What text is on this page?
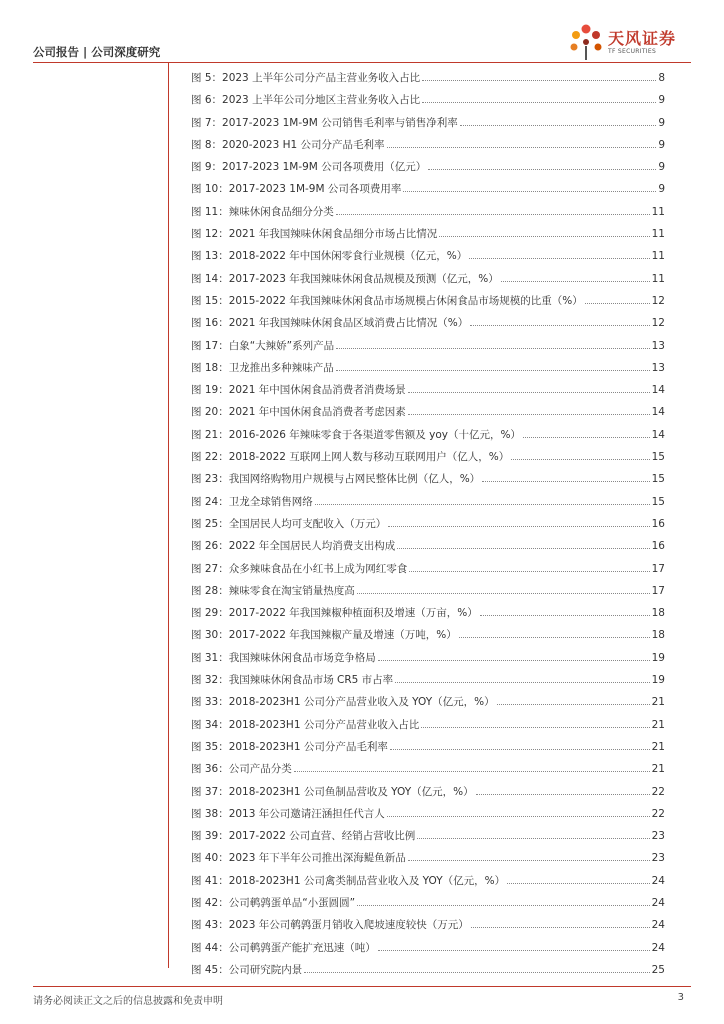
公司报告 | 公司深度研究
天风证券
TF SECURITIES
图 5：2023 上半年公司分产品主营业务收入占比	8
图 6：2023 上半年公司分地区主营业务收入占比	9
图 7：2017-2023 1M-9M 公司销售毛利率与销售净利率	9
图 8：2020-2023 H1 公司分产品毛利率	9
图 9：2017-2023 1M-9M 公司各项费用（亿元）	9
图 10：2017-2023 1M-9M 公司各项费用率	9
图 11：辣味休闲食品细分分类	11
图 12：2021 年我国辣味休闲食品细分市场占比情况	11
图 13：2018-2022 年中国休闲零食行业规模（亿元，%）	11
图 14：2017-2023 年我国辣味休闲食品规模及预测（亿元，%）	11
图 15：2015-2022 年我国辣味休闲食品市场规模占休闲食品市场规模的比重（%）	12
图 16：2021 年我国辣味休闲食品区域消费占比情况（%）	12
图 17：白象“大辣娇”系列产品	13
图 18：卫龙推出多种辣味产品	13
图 19：2021 年中国休闲食品消费者消费场景	14
图 20：2021 年中国休闲食品消费者考虑因素	14
图 21：2016-2026 年辣味零食于各渠道零售额及 yoy（十亿元，%）	14
图 22：2018-2022 互联网上网人数与移动互联网用户（亿人，%）	15
图 23：我国网络购物用户规模与占网民整体比例（亿人，%）	15
图 24：卫龙全球销售网络	15
图 25：全国居民人均可支配收入（万元）	16
图 26：2022 年全国居民人均消费支出构成	16
图 27：众多辣味食品在小红书上成为网红零食	17
图 28：辣味零食在淘宝销量热度高	17
图 29：2017-2022 年我国辣椒种植面积及增速（万亩，%）	18
图 30：2017-2022 年我国辣椒产量及增速（万吨，%）	18
图 31：我国辣味休闲食品市场竞争格局	19
图 32：我国辣味休闲食品市场 CR5 市占率	19
图 33：2018-2023H1 公司分产品营业收入及 YOY（亿元，%）	21
图 34：2018-2023H1 公司分产品营业收入占比	21
图 35：2018-2023H1 公司分产品毛利率	21
图 36：公司产品分类	21
图 37：2018-2023H1 公司鱼制品营收及 YOY（亿元，%）	22
图 38：2013 年公司邀请汪涵担任代言人	22
图 39：2017-2022 公司直营、经销占营收比例	23
图 40：2023 年下半年公司推出深海鳀鱼新品	23
图 41：2018-2023H1 公司禽类制品营业收入及 YOY（亿元，%）	24
图 42：公司鹌鹑蛋单品“小蛋圆圆”	24
图 43：2023 年公司鹌鹑蛋月销收入爬坡速度较快（万元）	24
图 44：公司鹌鹑蛋产能扩充迅速（吨）	24
图 45：公司研究院内景	25
请务必阅读正文之后的信息披露和免责申明	3
